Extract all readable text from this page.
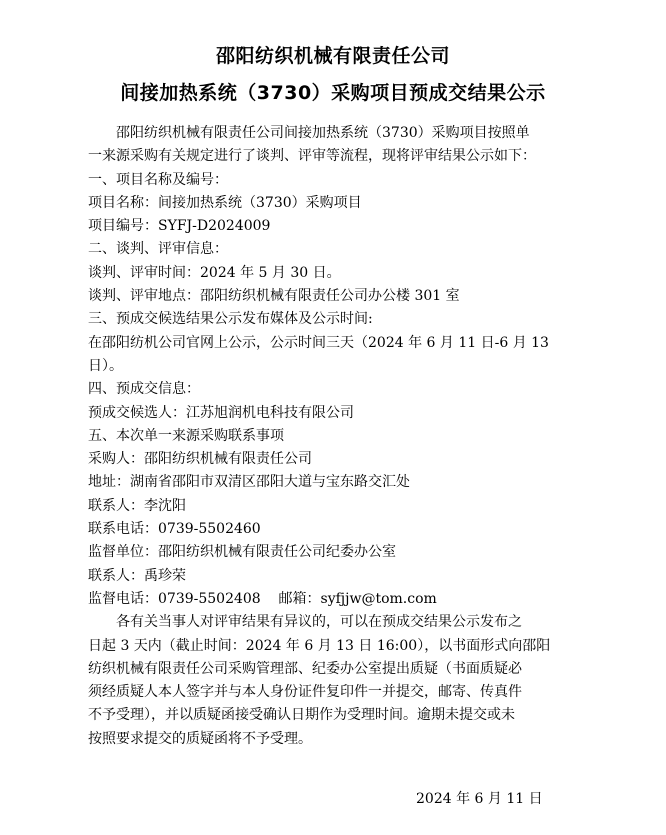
邵阳纺织机械有限责任公司
间接加热系统（3730）采购项目预成交结果公示
邵阳纺织机械有限责任公司间接加热系统（3730）采购项目按照单
一来源采购有关规定进行了谈判、评审等流程，现将评审结果公示如下：
一、项目名称及编号：
项目名称：间接加热系统（3730）采购项目
项目编号：SYFJ-D2024009
二、谈判、评审信息：
谈判、评审时间：2024 年 5 月 30 日。
谈判、评审地点：邵阳纺织机械有限责任公司办公楼 301 室
三、预成交候选结果公示发布媒体及公示时间:
在邵阳纺机公司官网上公示，公示时间三天（2024 年 6 月 11 日-6 月 13
日）。
四、预成交信息：
预成交候选人：江苏旭润机电科技有限公司
五、本次单一来源采购联系事项
采购人：邵阳纺织机械有限责任公司
地址：湖南省邵阳市双清区邵阳大道与宝东路交汇处
联系人：李沈阳
联系电话：0739-5502460
监督单位：邵阳纺织机械有限责任公司纪委办公室
联系人：禹珍荣
监督电话：0739-5502408    邮箱：syfjjw@tom.com
各有关当事人对评审结果有异议的，可以在预成交结果公示发布之
日起 3 天内（截止时间：2024 年 6 月 13 日 16:00），以书面形式向邵阳
纺织机械有限责任公司采购管理部、纪委办公室提出质疑（书面质疑必
须经质疑人本人签字并与本人身份证件复印件一并提交，邮寄、传真件
不予受理），并以质疑函接受确认日期作为受理时间。逾期未提交或未
按照要求提交的质疑函将不予受理。
2024 年 6 月 11 日
